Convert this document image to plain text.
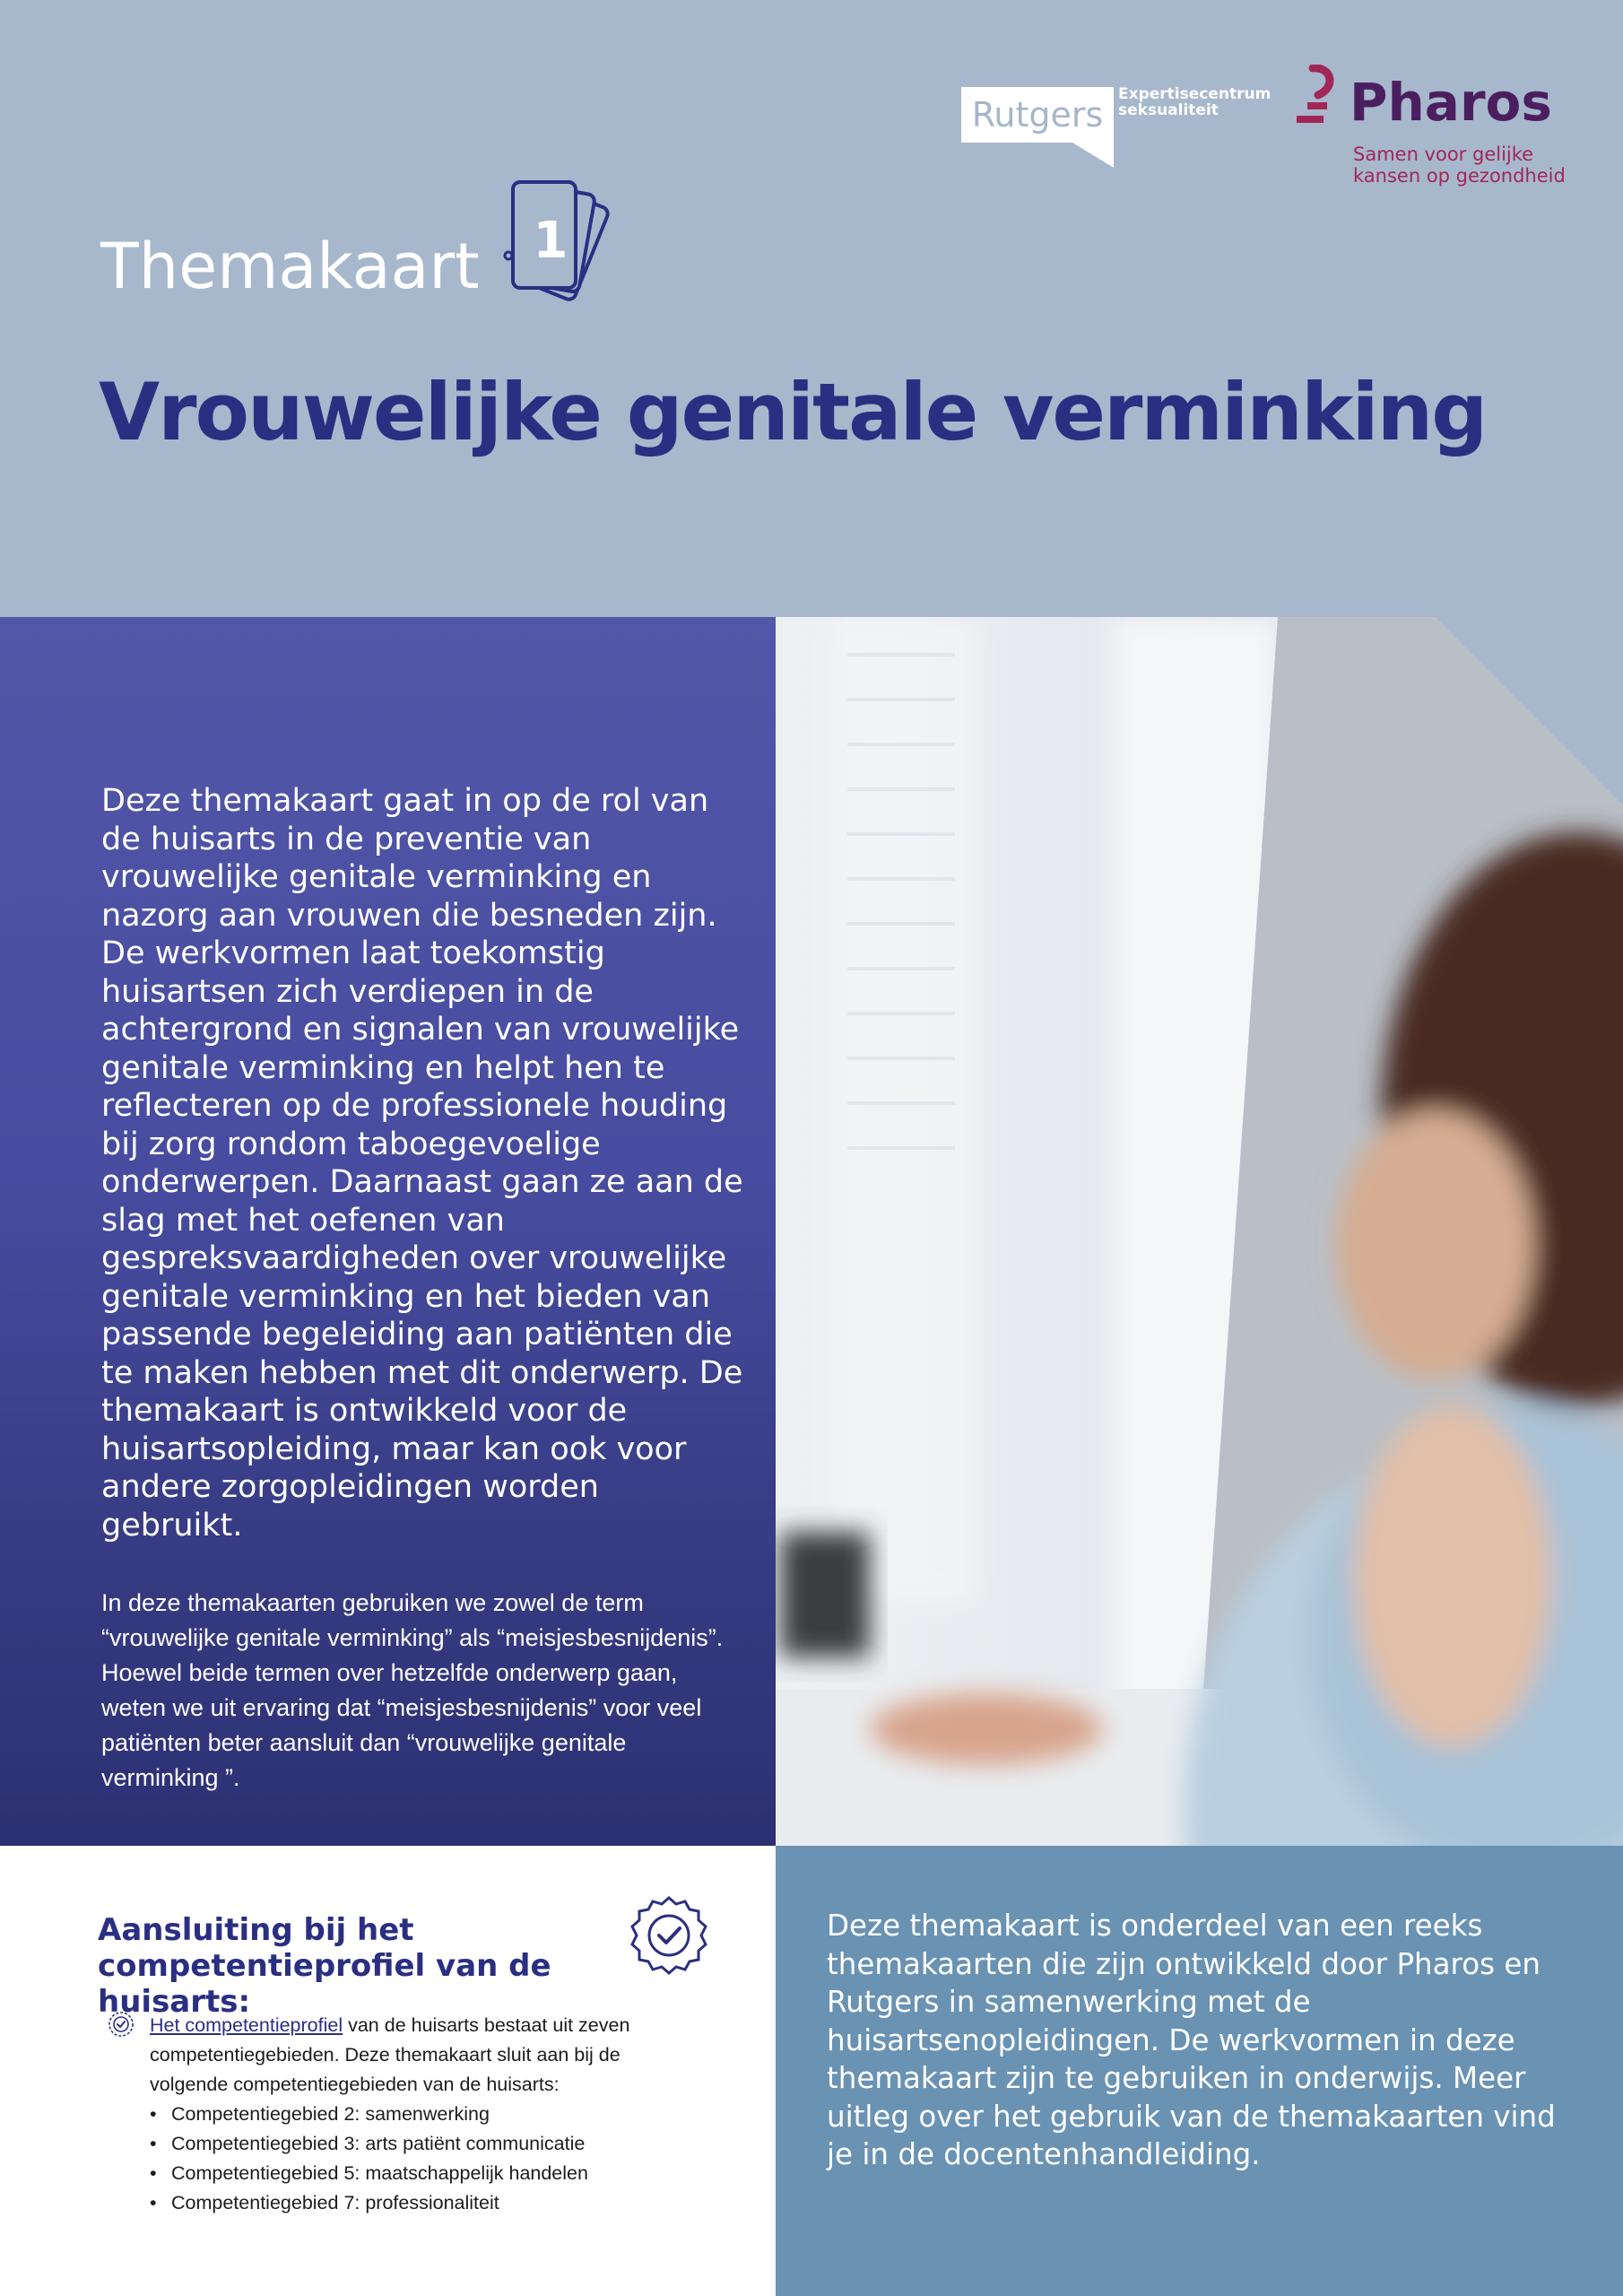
Rutgers
Expertisecentrum seksualiteit	Pharos
Samen voor gelijke kansen op gezondheid
Themakaart 1
Vrouwelijke genitale verminking
Deze themakaart gaat in op de rol van de huisarts in de preventie van vrouwelijke genitale verminking en nazorg aan vrouwen die besneden zijn. De werkvormen laat toekomstig huisartsen zich verdiepen in de achtergrond en signalen van vrouwelijke genitale verminking en helpt hen te reflecteren op de professionele houding bij zorg rondom taboegevoelige onderwerpen. Daarnaast gaan ze aan de slag met het oefenen van gespreksvaardigheden over vrouwelijke genitale verminking en het bieden van passende begeleiding aan patiënten die te maken hebben met dit onderwerp. De themakaart is ontwikkeld voor de huisartsopleiding, maar kan ook voor andere zorgopleidingen worden gebruikt.
In deze themakaarten gebruiken we zowel de term “vrouwelijke genitale verminking” als “meisjesbesnijdenis”. Hoewel beide termen over hetzelfde onderwerp gaan, weten we uit ervaring dat “meisjesbesnijdenis” voor veel patiënten beter aansluit dan “vrouwelijke genitale verminking ”.
Aansluiting bij het competentieprofiel van de huisarts:
Het competentieprofiel van de huisarts bestaat uit zeven competentiegebieden. Deze themakaart sluit aan bij de volgende competentiegebieden van de huisarts:
• Competentiegebied 2: samenwerking
• Competentiegebied 3: arts patiënt communicatie
• Competentiegebied 5: maatschappelijk handelen
• Competentiegebied 7: professionaliteit
Deze themakaart is onderdeel van een reeks themakaarten die zijn ontwikkeld door Pharos en Rutgers in samenwerking met de huisartsenopleidingen. De werkvormen in deze themakaart zijn te gebruiken in onderwijs. Meer uitleg over het gebruik van de themakaarten vind je in de docentenhandleiding.
